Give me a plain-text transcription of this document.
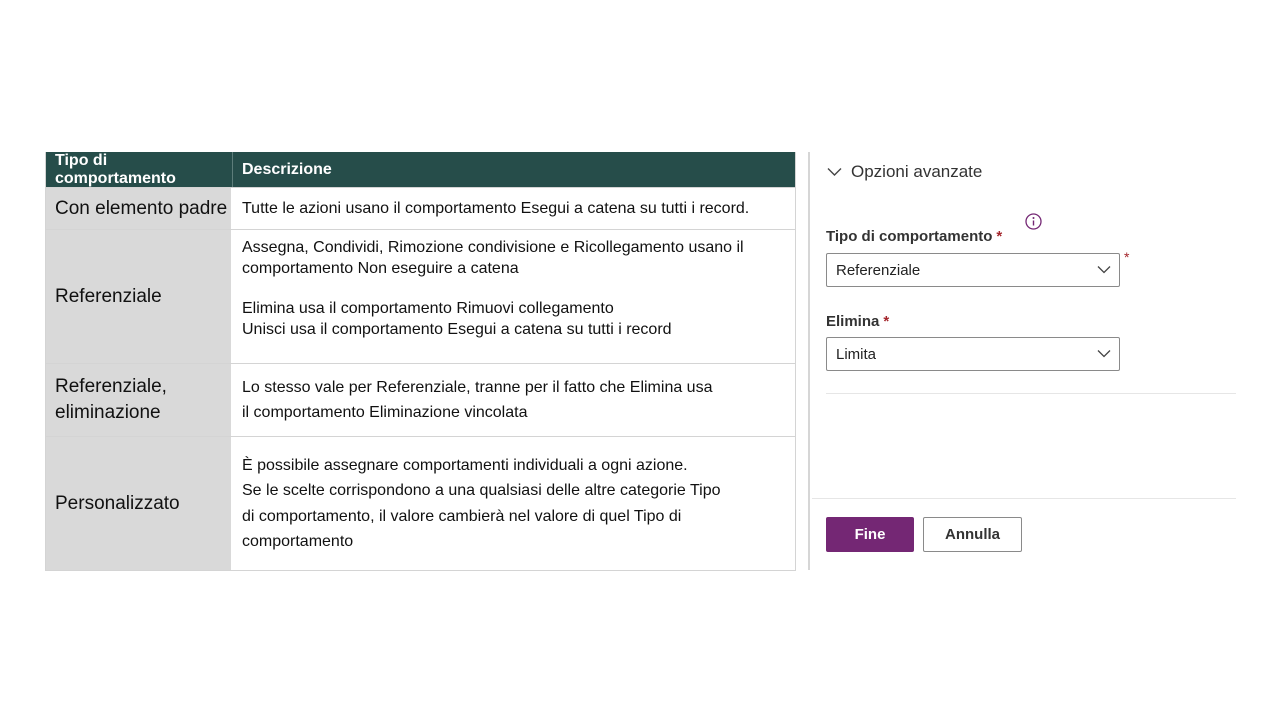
Tipo di comportamento	Descrizione
Con elemento padre Tutte le azioni usano il comportamento Esegui a catena su tutti i record.
Referenziale
Assegna, Condividi, Rimozione condivisione e Ricollegamento usano il
comportamento Non eseguire a catena
Elimina usa il comportamento Rimuovi collegamento
Unisci usa il comportamento Esegui a catena su tutti i record
Referenziale,
eliminazione
Lo stesso vale per Referenziale, tranne per il fatto che Elimina usa
il comportamento Eliminazione vincolata
Personalizzato
È possibile assegnare comportamenti individuali a ogni azione.
Se le scelte corrispondono a una qualsiasi delle altre categorie Tipo
di comportamento, il valore cambierà nel valore di quel Tipo di
comportamento
Opzioni avanzate
Tipo di comportamento *
*
Referenziale
Elimina *
Limita
Fine	Annulla
